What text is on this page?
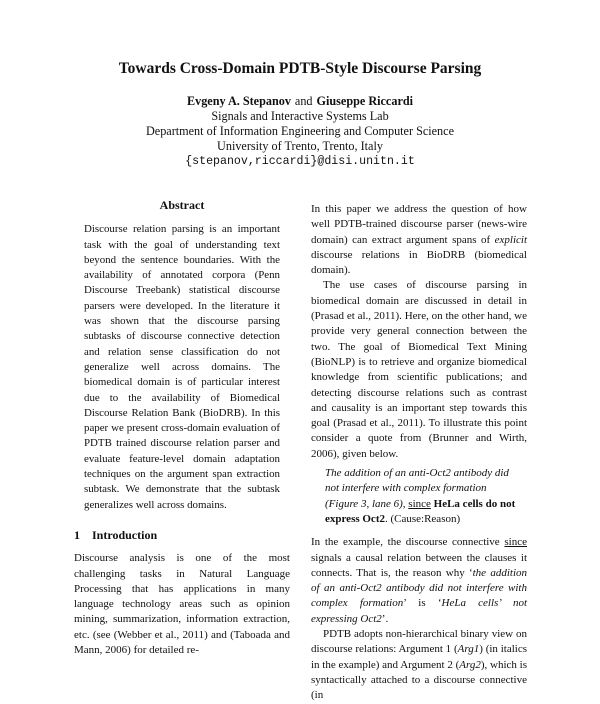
Towards Cross-Domain PDTB-Style Discourse Parsing
Evgeny A. Stepanov and Giuseppe Riccardi
Signals and Interactive Systems Lab
Department of Information Engineering and Computer Science
University of Trento, Trento, Italy
{stepanov,riccardi}@disi.unitn.it
Abstract

Discourse relation parsing is an important task with the goal of understanding text beyond the sentence boundaries. With the availability of annotated corpora (Penn Discourse Treebank) statistical discourse parsers were developed. In the literature it was shown that the discourse parsing subtasks of discourse connective detection and relation sense classification do not generalize well across domains. The biomedical domain is of particular interest due to the availability of Biomedical Discourse Relation Bank (BioDRB). In this paper we present cross-domain evaluation of PDTB trained discourse relation parser and evaluate feature-level domain adaptation techniques on the argument span extraction subtask. We demonstrate that the subtask generalizes well across domains.

1 Introduction

Discourse analysis is one of the most challenging tasks in Natural Language Processing that has applications in many language technology areas such as opinion mining, summarization, information extraction, etc. (see (Webber et al., 2011) and (Taboada and Mann, 2006) for detailed re-

In this paper we address the question of how well PDTB-trained discourse parser (news-wire domain) can extract argument spans of explicit discourse relations in BioDRB (biomedical domain).

The use cases of discourse parsing in biomedical domain are discussed in detail in (Prasad et al., 2011). Here, on the other hand, we provide very general connection between the two. The goal of Biomedical Text Mining (BioNLP) is to retrieve and organize biomedical knowledge from scientific publications; and detecting discourse relations such as contrast and causality is an important step towards this goal (Prasad et al., 2011). To illustrate this point consider a quote from (Brunner and Wirth, 2006), given below.

The addition of an anti-Oct2 antibody did not interfere with complex formation (Figure 3, lane 6), since HeLa cells do not express Oct2. (Cause:Reason)

In the example, the discourse connective since signals a causal relation between the clauses it connects. That is, the reason why ‘the addition of an anti-Oct2 antibody did not interfere with complex formation’ is ‘HeLa cells’ not expressing Oct2’.

PDTB adopts non-hierarchical binary view on discourse relations: Argument 1 (Arg1) (in italics in the example) and Argument 2 (Arg2), which is syntactically attached to a discourse connective (in
